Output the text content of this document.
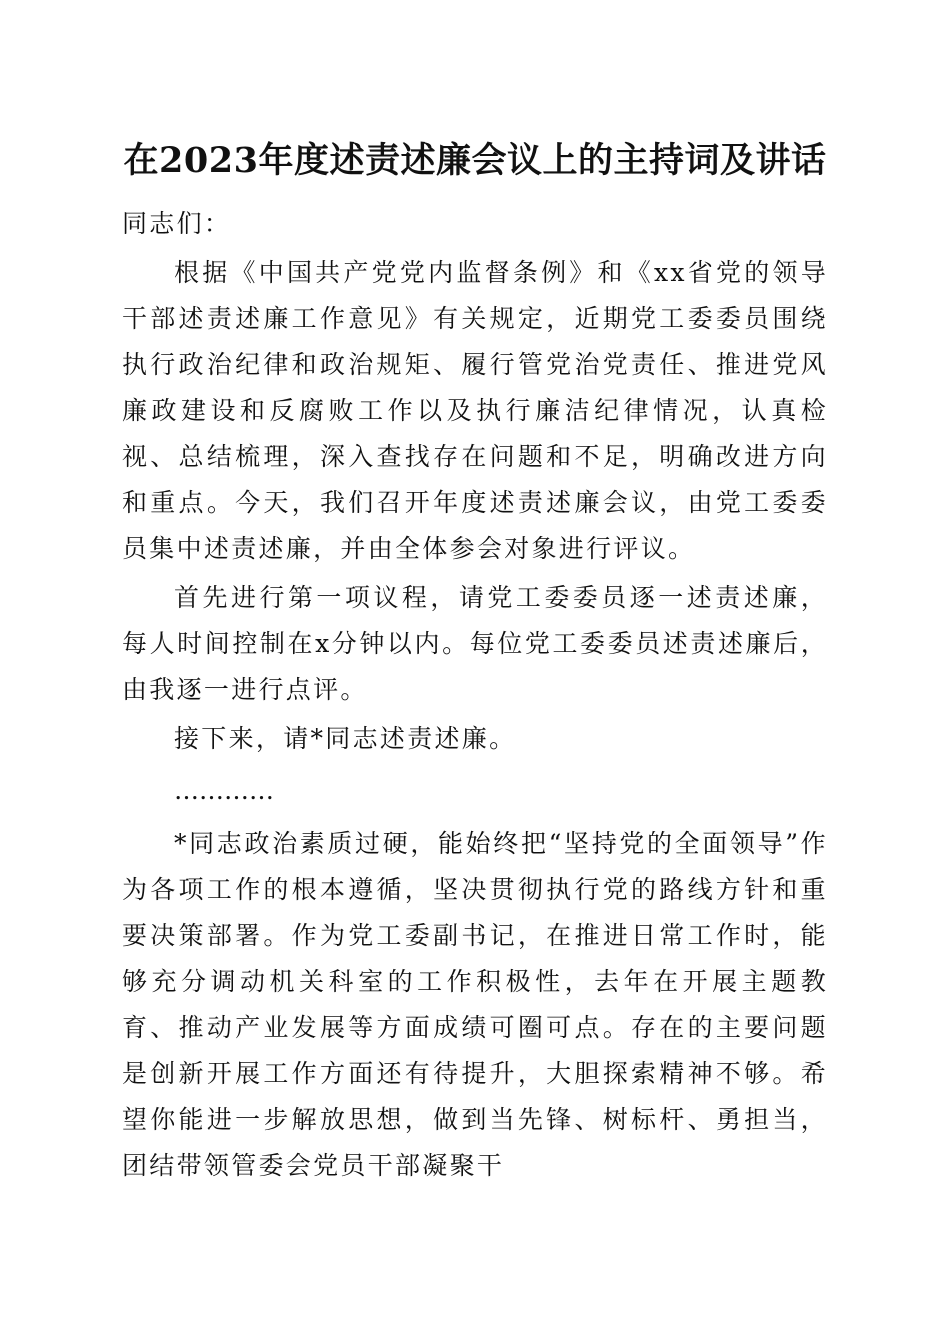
在2023年度述责述廉会议上的主持词及讲话

同志们：

根据《中国共产党党内监督条例》和《xx省党的领导干部述责述廉工作意见》有关规定，近期党工委委员围绕执行政治纪律和政治规矩、履行管党治党责任、推进党风廉政建设和反腐败工作以及执行廉洁纪律情况，认真检视、总结梳理，深入查找存在问题和不足，明确改进方向和重点。今天，我们召开年度述责述廉会议，由党工委委员集中述责述廉，并由全体参会对象进行评议。

首先进行第一项议程，请党工委委员逐一述责述廉，每人时间控制在x分钟以内。每位党工委委员述责述廉后，由我逐一进行点评。

接下来，请*同志述责述廉。

…………

*同志政治素质过硬，能始终把“坚持党的全面领导”作为各项工作的根本遵循，坚决贯彻执行党的路线方针和重要决策部署。作为党工委副书记，在推进日常工作时，能够充分调动机关科室的工作积极性，去年在开展主题教育、推动产业发展等方面成绩可圈可点。存在的主要问题是创新开展工作方面还有待提升，大胆探索精神不够。希望你能进一步解放思想，做到当先锋、树标杆、勇担当，团结带领管委会党员干部凝聚干
